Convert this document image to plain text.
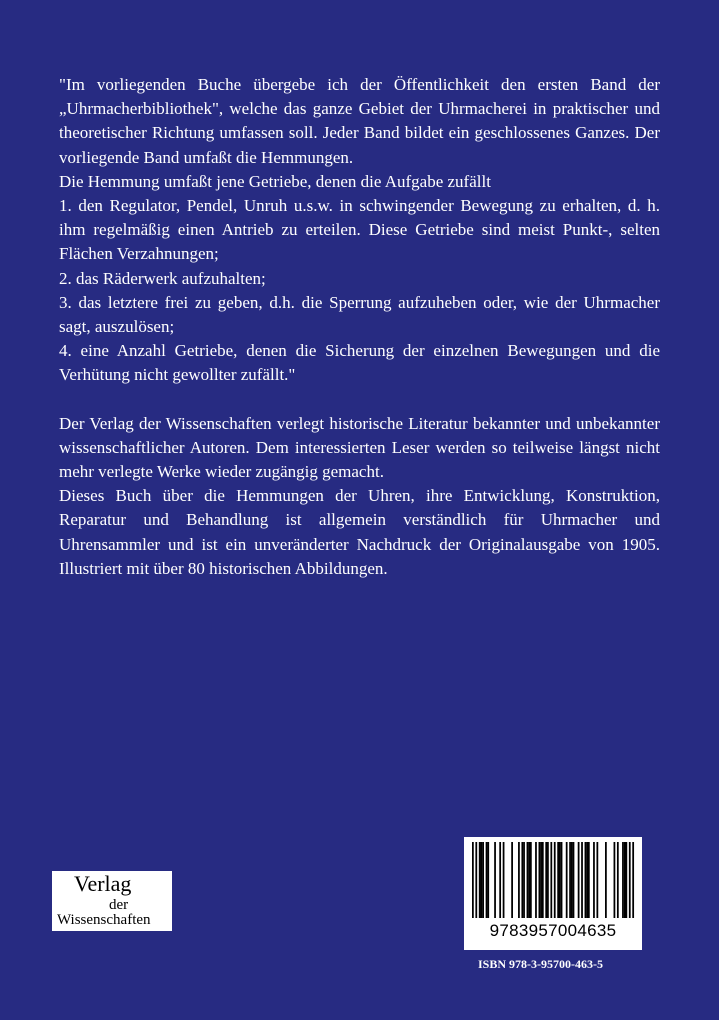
"Im vorliegenden Buche übergebe ich der Öffentlichkeit den ersten Band der „Uhrmacherbibliothek", welche das ganze Gebiet der Uhrmacherei in praktischer und theoretischer Richtung umfassen soll. Jeder Band bildet ein geschlossenes Ganzes. Der vorliegende Band umfaßt die Hemmungen.

Die Hemmung umfaßt jene Getriebe, denen die Aufgabe zufällt

1. den Regulator, Pendel, Unruh u.s.w. in schwingender Bewegung zu erhalten, d. h. ihm regelmäßig einen Antrieb zu erteilen. Diese Getriebe sind meist Punkt-, selten Flächen Verzahnungen;

2. das Räderwerk aufzuhalten;

3. das letztere frei zu geben, d.h. die Sperrung aufzuheben oder, wie der Uhrmacher sagt, auszulösen;

4. eine Anzahl Getriebe, denen die Sicherung der einzelnen Bewegungen und die Verhütung nicht gewollter zufällt."

Der Verlag der Wissenschaften verlegt historische Literatur bekannter und unbekannter wissenschaftlicher Autoren. Dem interessierten Leser werden so teilweise längst nicht mehr verlegte Werke wieder zugängig gemacht.

Dieses Buch über die Hemmungen der Uhren, ihre Entwicklung, Konstruktion, Reparatur und Behandlung ist allgemein verständlich für Uhrmacher und Uhrensammler und ist ein unveränderter Nachdruck der Originalausgabe von 1905. Illustriert mit über 80 historischen Abbildungen.

Verlag
der
Wissenschaften
9783957004635
ISBN 978-3-95700-463-5
